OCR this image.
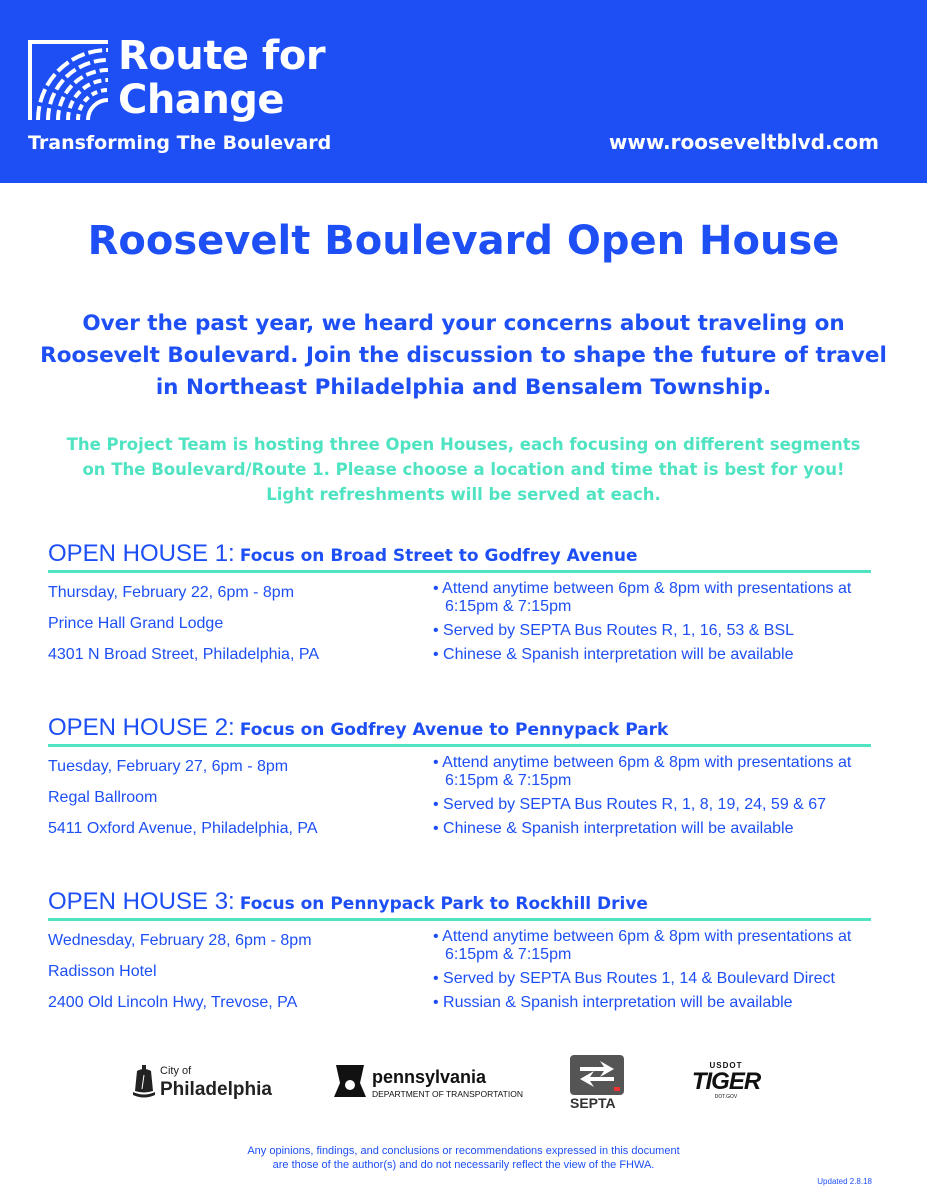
Route for
Change
Transforming The Boulevard	www.rooseveltblvd.com
Roosevelt Boulevard Open House
Over the past year, we heard your concerns about traveling on Roosevelt Boulevard. Join the discussion to shape the future of travel in Northeast Philadelphia and Bensalem Township.
The Project Team is hosting three Open Houses, each focusing on different segments on The Boulevard/Route 1. Please choose a location and time that is best for you! Light refreshments will be served at each.
OPEN HOUSE 1: Focus on Broad Street to Godfrey Avenue
Thursday, February 22, 6pm - 8pm
Prince Hall Grand Lodge
4301 N Broad Street, Philadelphia, PA
• Attend anytime between 6pm & 8pm with presentations at 6:15pm & 7:15pm
• Served by SEPTA Bus Routes R, 1, 16, 53 & BSL
• Chinese & Spanish interpretation will be available
OPEN HOUSE 2: Focus on Godfrey Avenue to Pennypack Park
Tuesday, February 27, 6pm - 8pm
Regal Ballroom
5411 Oxford Avenue, Philadelphia, PA
• Attend anytime between 6pm & 8pm with presentations at 6:15pm & 7:15pm
• Served by SEPTA Bus Routes R, 1, 8, 19, 24, 59 & 67
• Chinese & Spanish interpretation will be available
OPEN HOUSE 3: Focus on Pennypack Park to Rockhill Drive
Wednesday, February 28, 6pm - 8pm
Radisson Hotel
2400 Old Lincoln Hwy, Trevose, PA
• Attend anytime between 6pm & 8pm with presentations at 6:15pm & 7:15pm
• Served by SEPTA Bus Routes 1, 14 & Boulevard Direct
• Russian & Spanish interpretation will be available
City of
Philadelphia
pennsylvania
DEPARTMENT OF TRANSPORTATION
SEPTA
USDOT
TIGER
DOT.GOV
Any opinions, findings, and conclusions or recommendations expressed in this document
are those of the author(s) and do not necessarily reflect the view of the FHWA.
Updated 2.8.18
